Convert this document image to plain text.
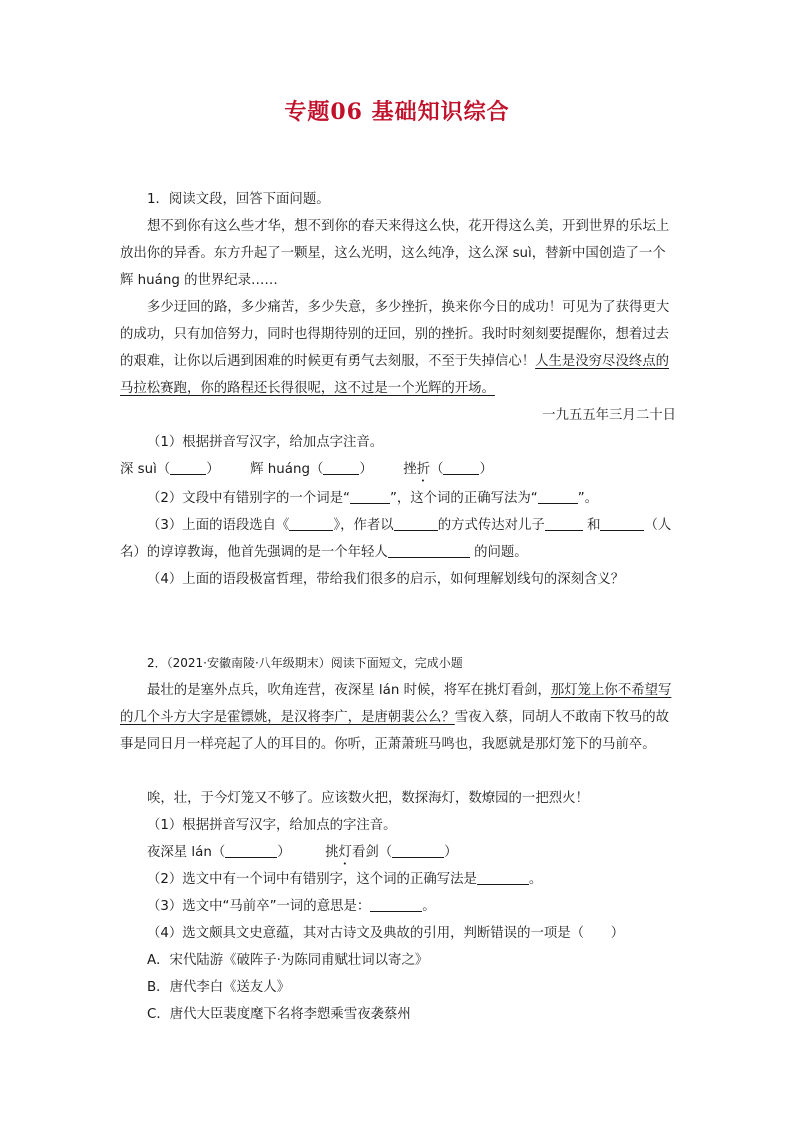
专题06 基础知识综合

1．阅读文段，回答下面问题。

想不到你有这么些才华，想不到你的春天来得这么快，花开得这么美，开到世界的乐坛上放出你的异香。东方升起了一颗星，这么光明，这么纯净，这么深 suì，替新中国创造了一个辉 huáng 的世界纪录……

多少迂回的路，多少痛苦，多少失意，多少挫折，换来你今日的成功！可见为了获得更大的成功，只有加倍努力，同时也得期待别的迂回，别的挫折。我时时刻刻要提醒你，想着过去的艰难，让你以后遇到困难的时候更有勇气去刻服，不至于失掉信心！人生是没穷尽没终点的马拉松赛跑，你的路程还长得很呢，这不过是一个光辉的开场。

一九五五年三月二十日

（1）根据拼音写汉字，给加点字注音。

深 suì（	） 辉 huáng（	） 挫折（	）

（2）文段中有错别字的一个词是“	”，这个词的正确写法为“	”。

（3）上面的语段选自《	》，作者以	的方式传达对儿子	和	（人名）的谆谆教诲，他首先强调的是一个年轻人	的问题。

（4）上面的语段极富哲理，带给我们很多的启示，如何理解划线句的深刻含义？

2．（2021·安徽南陵·八年级期末）阅读下面短文，完成小题

最壮的是塞外点兵，吹角连营，夜深星 lán 时候，将军在挑灯看剑，那灯笼上你不希望写的几个斗方大字是霍镖姚，是汉将李广，是唐朝裴公么？雪夜入蔡，同胡人不敢南下牧马的故事是同日月一样亮起了人的耳目的。你听，正萧萧班马鸣也，我愿就是那灯笼下的马前卒。

唉，壮，于今灯笼又不够了。应该数火把，数探海灯，数燎园的一把烈火！

（1）根据拼音写汉字，给加点的字注音。

夜深星 lán（	）	挑灯看剑（	）

（2）选文中有一个词中有错别字，这个词的正确写法是	。

（3）选文中“马前卒”一词的意思是：	。

（4）选文颇具文史意蕴，其对古诗文及典故的引用，判断错误的一项是（　　）

A．宋代陆游《破阵子·为陈同甫赋壮词以寄之》

B．唐代李白《送友人》

C．唐代大臣裴度麾下名将李愬乘雪夜袭蔡州
